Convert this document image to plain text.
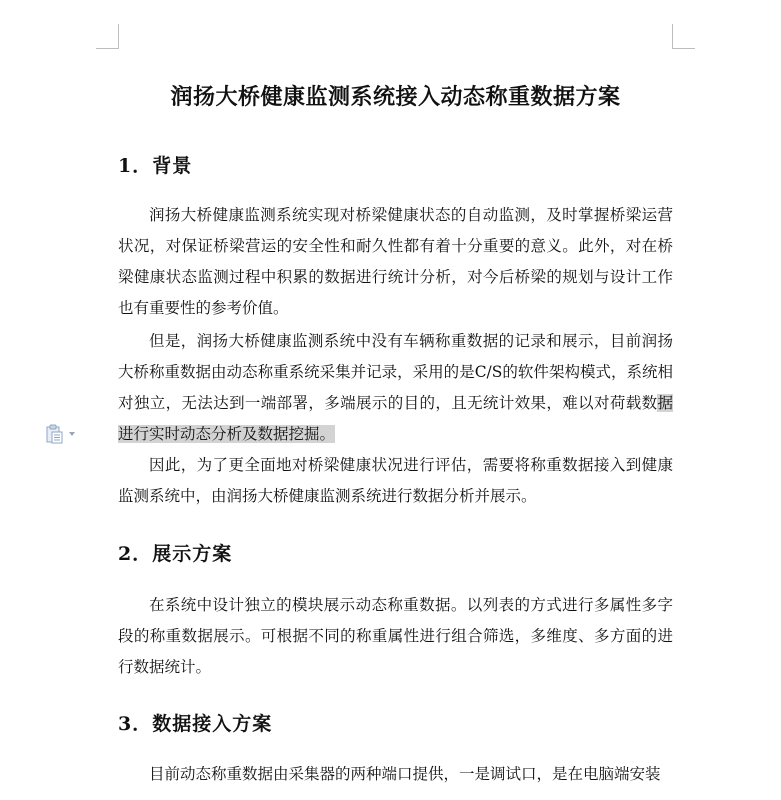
润扬大桥健康监测系统接入动态称重数据方案
1．背景

润扬大桥健康监测系统实现对桥梁健康状态的自动监测，及时掌握桥梁运营状况，对保证桥梁营运的安全性和耐久性都有着十分重要的意义。此外，对在桥梁健康状态监测过程中积累的数据进行统计分析，对今后桥梁的规划与设计工作也有重要性的参考价值。

但是，润扬大桥健康监测系统中没有车辆称重数据的记录和展示，目前润扬大桥称重数据由动态称重系统采集并记录，采用的是C/S的软件架构模式，系统相对独立，无法达到一端部署，多端展示的目的，且无统计效果，难以对荷载数据进行实时动态分析及数据挖掘。

因此，为了更全面地对桥梁健康状况进行评估，需要将称重数据接入到健康监测系统中，由润扬大桥健康监测系统进行数据分析并展示。

2．展示方案

在系统中设计独立的模块展示动态称重数据。以列表的方式进行多属性多字段的称重数据展示。可根据不同的称重属性进行组合筛选，多维度、多方面的进行数据统计。

3．数据接入方案

目前动态称重数据由采集器的两种端口提供，一是调试口，是在电脑端安装
